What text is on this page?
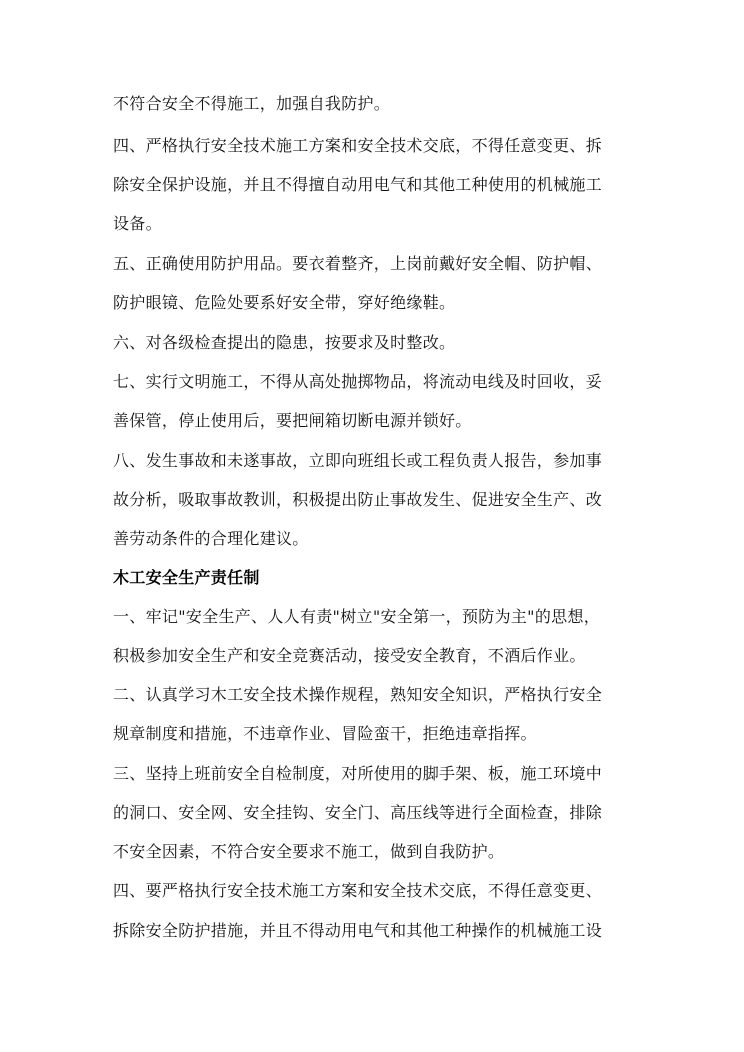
不符合安全不得施工，加强自我防护。
四、严格执行安全技术施工方案和安全技术交底，不得任意变更、拆
除安全保护设施，并且不得擅自动用电气和其他工种使用的机械施工
设备。
五、正确使用防护用品。要衣着整齐，上岗前戴好安全帽、防护帽、
防护眼镜、危险处要系好安全带，穿好绝缘鞋。
六、对各级检查提出的隐患，按要求及时整改。
七、实行文明施工，不得从高处抛掷物品，将流动电线及时回收，妥
善保管，停止使用后，要把闸箱切断电源并锁好。
八、发生事故和未遂事故，立即向班组长或工程负责人报告，参加事
故分析，吸取事故教训，积极提出防止事故发生、促进安全生产、改
善劳动条件的合理化建议。
木工安全生产责任制
一、牢记"安全生产、人人有责"树立"安全第一，预防为主"的思想，
积极参加安全生产和安全竞赛活动，接受安全教育，不酒后作业。
二、认真学习木工安全技术操作规程，熟知安全知识，严格执行安全
规章制度和措施，不违章作业、冒险蛮干，拒绝违章指挥。
三、坚持上班前安全自检制度，对所使用的脚手架、板，施工环境中
的洞口、安全网、安全挂钩、安全门、高压线等进行全面检查，排除
不安全因素，不符合安全要求不施工，做到自我防护。
四、要严格执行安全技术施工方案和安全技术交底，不得任意变更、
拆除安全防护措施，并且不得动用电气和其他工种操作的机械施工设
